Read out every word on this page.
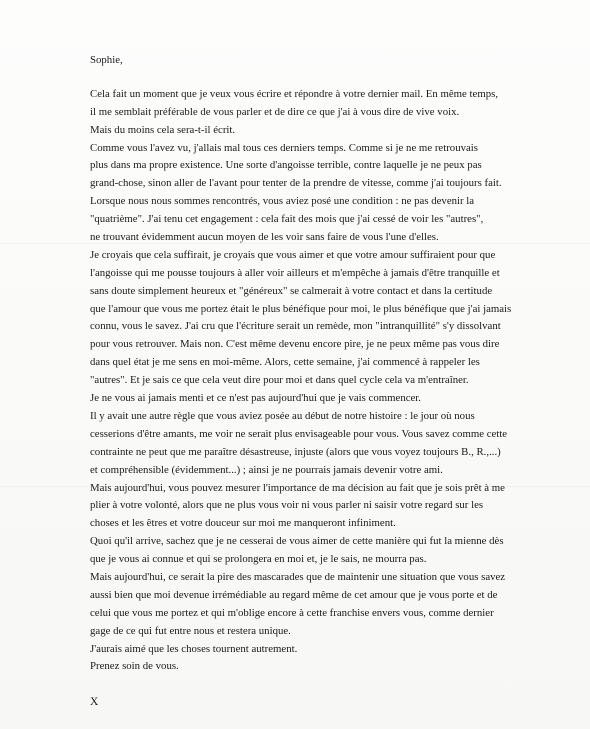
Sophie,
Cela fait un moment que je veux vous écrire et répondre à votre dernier mail. En même temps,
il me semblait préférable de vous parler et de dire ce que j'ai à vous dire de vive voix.
Mais du moins cela sera-t-il écrit.
Comme vous l'avez vu, j'allais mal tous ces derniers temps. Comme si je ne me retrouvais
plus dans ma propre existence. Une sorte d'angoisse terrible, contre laquelle je ne peux pas
grand-chose, sinon aller de l'avant pour tenter de la prendre de vitesse, comme j'ai toujours fait.
Lorsque nous nous sommes rencontrés, vous aviez posé une condition : ne pas devenir la
"quatrième". J'ai tenu cet engagement : cela fait des mois que j'ai cessé de voir les "autres",
ne trouvant évidemment aucun moyen de les voir sans faire de vous l'une d'elles.
Je croyais que cela suffirait, je croyais que vous aimer et que votre amour suffiraient pour que
l'angoisse qui me pousse toujours à aller voir ailleurs et m'empêche à jamais d'être tranquille et
sans doute simplement heureux et "généreux" se calmerait à votre contact et dans la certitude
que l'amour que vous me portez était le plus bénéfique pour moi, le plus bénéfique que j'ai jamais
connu, vous le savez. J'ai cru que l'écriture serait un remède, mon "intranquillité" s'y dissolvant
pour vous retrouver. Mais non. C'est même devenu encore pire, je ne peux même pas vous dire
dans quel état je me sens en moi-même. Alors, cette semaine, j'ai commencé à rappeler les
"autres". Et je sais ce que cela veut dire pour moi et dans quel cycle cela va m'entraîner.
Je ne vous ai jamais menti et ce n'est pas aujourd'hui que je vais commencer.
Il y avait une autre règle que vous aviez posée au début de notre histoire : le jour où nous
cesserions d'être amants, me voir ne serait plus envisageable pour vous. Vous savez comme cette
contrainte ne peut que me paraître désastreuse, injuste (alors que vous voyez toujours B., R.,...)
et compréhensible (évidemment...) ; ainsi je ne pourrais jamais devenir votre ami.
Mais aujourd'hui, vous pouvez mesurer l'importance de ma décision au fait que je sois prêt à me
plier à votre volonté, alors que ne plus vous voir ni vous parler ni saisir votre regard sur les
choses et les êtres et votre douceur sur moi me manqueront infiniment.
Quoi qu'il arrive, sachez que je ne cesserai de vous aimer de cette manière qui fut la mienne dès
que je vous ai connue et qui se prolongera en moi et, je le sais, ne mourra pas.
Mais aujourd'hui, ce serait la pire des mascarades que de maintenir une situation que vous savez
aussi bien que moi devenue irrémédiable au regard même de cet amour que je vous porte et de
celui que vous me portez et qui m'oblige encore à cette franchise envers vous, comme dernier
gage de ce qui fut entre nous et restera unique.
J'aurais aimé que les choses tournent autrement.
Prenez soin de vous.
X
